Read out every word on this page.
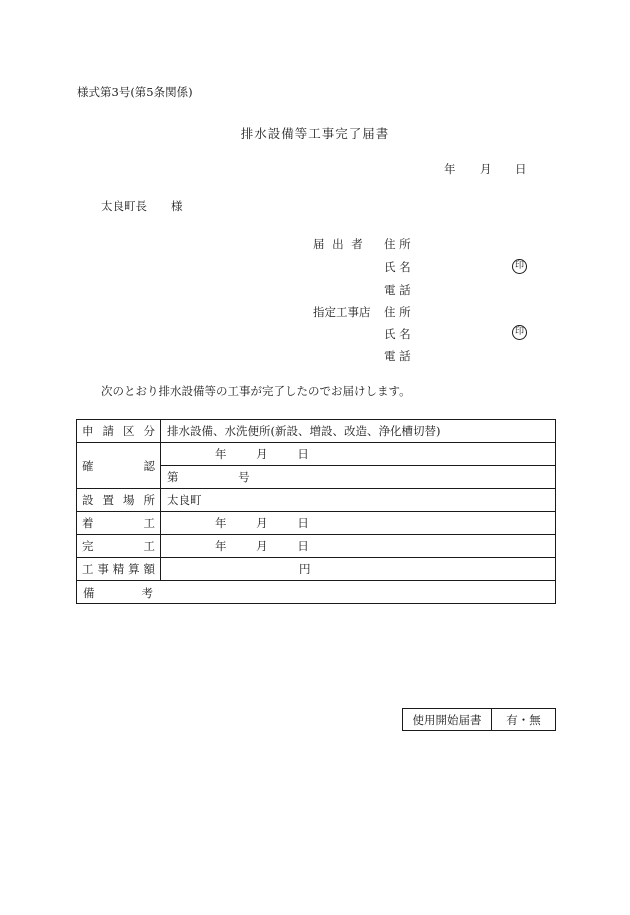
様式第3号(第5条関係)
排水設備等工事完了届書
年 月 日
太良町長 様
届 出 者 住 所
氏 名	印
電 話
指定工事店 住 所
氏 名	印
電 話
次のとおり排水設備等の工事が完了したのでお届けします。
申 請 区 分	排水設備、水洗便所(新設、増設、改造、浄化槽切替)

確 認	年 月 日
	第 号

設 置 場 所	太良町

着 工	年 月 日

完 工	年 月 日

工 事 精 算 額	円

備 考	
使用開始届書	有・無
